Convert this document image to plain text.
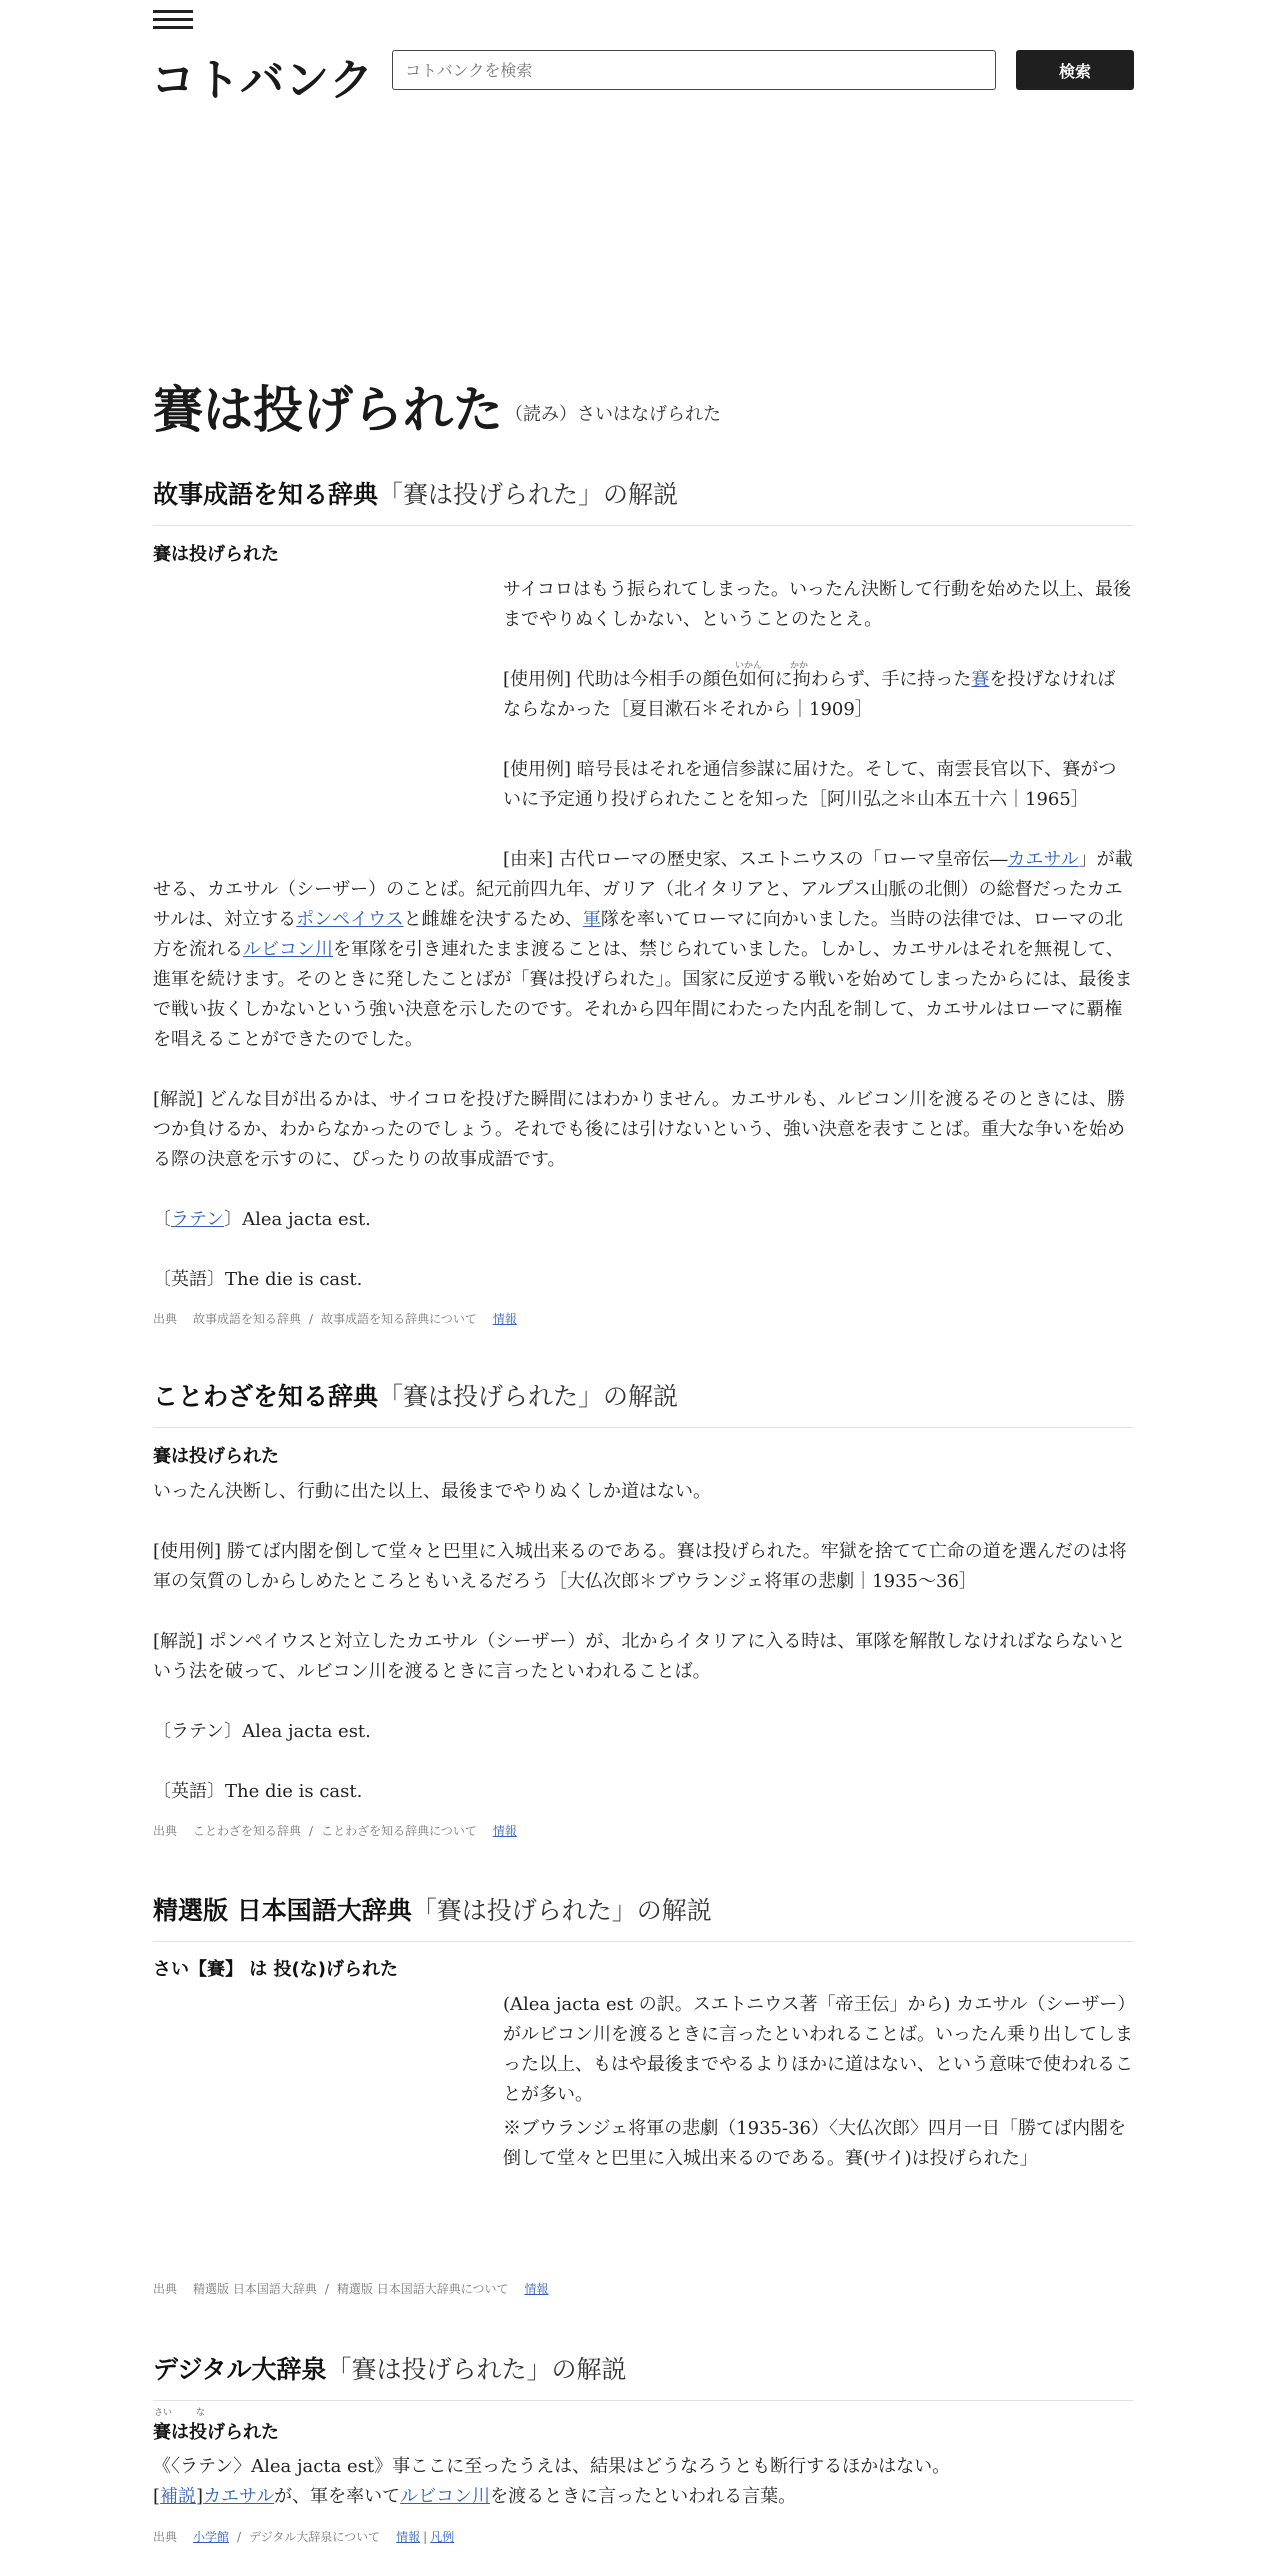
コトバンク
コトバンクを検索	検索
賽は投げられた （読み）さいはなげられた
故事成語を知る辞典「賽は投げられた」の解説
賽は投げられた
サイコロはもう振られてしまった。いったん決断して行動を始めた以上、最後までやりぬくしかない、ということのたとえ。
いかん	かか
[使用例] 代助は今相手の顔色如何に拘わらず、手に持った賽を投げなければならなかった［夏目漱石＊それから｜1909］
[使用例] 暗号長はそれを通信参謀に届けた。そして、南雲長官以下、賽がついに予定通り投げられたことを知った［阿川弘之＊山本五十六｜1965］
[由来] 古代ローマの歴史家、スエトニウスの「ローマ皇帝伝―カエサル」が載せる、カエサル（シーザー）のことば。紀元前四九年、ガリア（北イタリアと、アルプス山脈の北側）の総督だったカエサルは、対立するポンペイウスと雌雄を決するため、軍隊を率いてローマに向かいました。当時の法律では、ローマの北方を流れるルビコン川を軍隊を引き連れたまま渡ることは、禁じられていました。しかし、カエサルはそれを無視して、進軍を続けます。そのときに発したことばが「賽は投げられた」。国家に反逆する戦いを始めてしまったからには、最後まで戦い抜くしかないという強い決意を示したのです。それから四年間にわたった内乱を制して、カエサルはローマに覇権を唱えることができたのでした。
[解説] どんな目が出るかは、サイコロを投げた瞬間にはわかりません。カエサルも、ルビコン川を渡るそのときには、勝つか負けるか、わからなかったのでしょう。それでも後には引けないという、強い決意を表すことば。重大な争いを始める際の決意を示すのに、ぴったりの故事成語です。
〔ラテン〕Alea jacta est.
〔英語〕The die is cast.
出典 故事成語を知る辞典 / 故事成語を知る辞典について 情報
ことわざを知る辞典「賽は投げられた」の解説
賽は投げられた
いったん決断し、行動に出た以上、最後までやりぬくしか道はない。
[使用例] 勝てば内閣を倒して堂々と巴里に入城出来るのである。賽は投げられた。牢獄を捨てて亡命の道を選んだのは将軍の気質のしからしめたところともいえるだろう［大仏次郎＊ブウランジェ将軍の悲劇｜1935～36］
[解説] ポンペイウスと対立したカエサル（シーザー）が、北からイタリアに入る時は、軍隊を解散しなければならないという法を破って、ルビコン川を渡るときに言ったといわれることば。
〔ラテン〕Alea jacta est.
〔英語〕The die is cast.
出典 ことわざを知る辞典 / ことわざを知る辞典について 情報
精選版 日本国語大辞典「賽は投げられた」の解説
さい【賽】 は 投(な)げられた
(Alea jacta est の訳。スエトニウス著「帝王伝」から) カエサル（シーザー）がルビコン川を渡るときに言ったといわれることば。いったん乗り出してしまった以上、もはや最後までやるよりほかに道はない、という意味で使われることが多い。
※ブウランジェ将軍の悲劇（1935‐36）〈大仏次郎〉四月一日「勝てば内閣を倒して堂々と巴里に入城出来るのである。賽(サイ)は投げられた」
出典 精選版 日本国語大辞典 / 精選版 日本国語大辞典について 情報
デジタル大辞泉「賽は投げられた」の解説
さい	な
賽は投げられた
《〈ラテン〉Alea jacta est》事ここに至ったうえは、結果はどうなろうとも断行するほかはない。
[補説]カエサルが、軍を率いてルビコン川を渡るときに言ったといわれる言葉。
出典 小学館 / デジタル大辞泉について 情報 | 凡例
